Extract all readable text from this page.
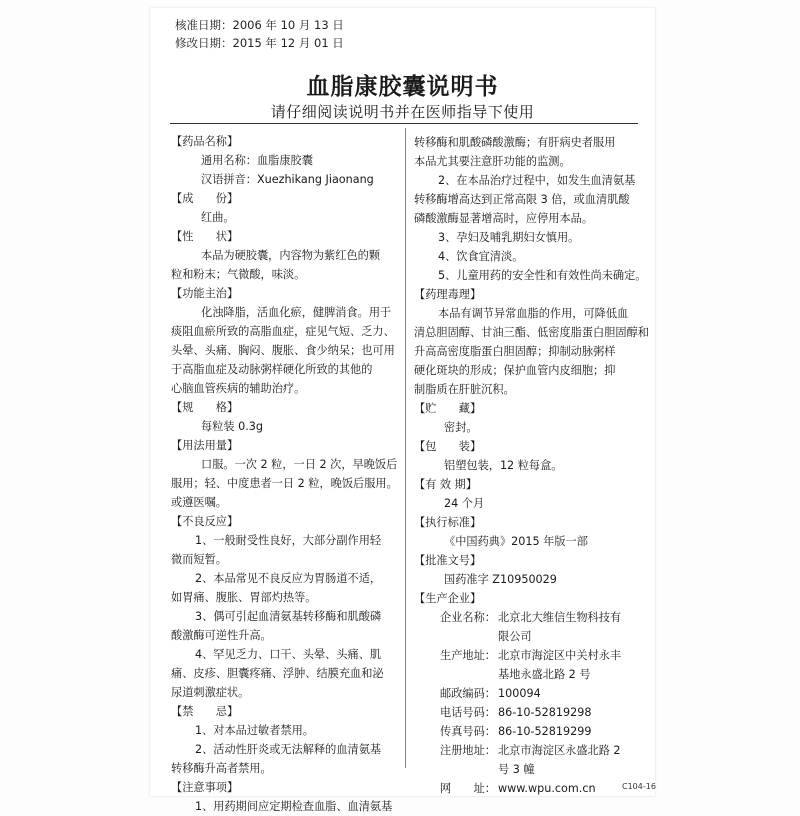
核准日期：2006 年 10 月 13 日
修改日期：2015 年 12 月 01 日
血脂康胶囊说明书
请仔细阅读说明书并在医师指导下使用

【药品名称】

通用名称：血脂康胶囊

汉语拼音：Xuezhikang Jiaonang

【成　　份】

红曲。

【性　　状】

本品为硬胶囊，内容物为紫红色的颗

粒和粉末；气微酸，味淡。

【功能主治】

化浊降脂，活血化瘀，健脾消食。用于

痰阻血瘀所致的高脂血症，症见气短、乏力、

头晕、头痛、胸闷、腹胀、食少纳呆；也可用

于高脂血症及动脉粥样硬化所致的其他的

心脑血管疾病的辅助治疗。

【规　　格】

每粒装 0.3g

【用法用量】

口服。一次 2 粒，一日 2 次，早晚饭后

服用；轻、中度患者一日 2 粒，晚饭后服用。

或遵医嘱。

【不良反应】

1、一般耐受性良好，大部分副作用轻

微而短暂。

2、本品常见不良反应为胃肠道不适，

如胃痛、腹胀、胃部灼热等。

3、偶可引起血清氨基转移酶和肌酸磷

酸激酶可逆性升高。

4、罕见乏力、口干、头晕、头痛、肌

痛、皮疹、胆囊疼痛、浮肿、结膜充血和泌

尿道刺激症状。

【禁　　忌】

1、对本品过敏者禁用。

2、活动性肝炎或无法解释的血清氨基

转移酶升高者禁用。

【注意事项】

1、用药期间应定期检查血脂、血清氨基

转移酶和肌酸磷酸激酶；有肝病史者服用

本品尤其要注意肝功能的监测。

2、在本品治疗过程中，如发生血清氨基

转移酶增高达到正常高限 3 倍，或血清肌酸

磷酸激酶显著增高时，应停用本品。

3、孕妇及哺乳期妇女慎用。

4、饮食宜清淡。

5、儿童用药的安全性和有效性尚未确定。

【药理毒理】

本品有调节异常血脂的作用，可降低血

清总胆固醇、甘油三酯、低密度脂蛋白胆固醇和

升高高密度脂蛋白胆固醇；抑制动脉粥样

硬化斑块的形成；保护血管内皮细胞；抑

制脂质在肝脏沉积。

【贮　　藏】

密封。

【包　　装】

铝塑包装，12 粒每盒。

【有 效 期】

24 个月

【执行标准】

《中国药典》2015 年版一部

【批准文号】

国药准字 Z10950029

【生产企业】

企业名称： 北京北大维信生物科技有
限公司
生产地址： 北京市海淀区中关村永丰
基地永盛北路 2 号
邮政编码： 100094
电话号码： 86-10-52819298
传真号码： 86-10-52819299
注册地址： 北京市海淀区永盛北路 2
号 3 幢
网　　址： www.wpu.com.cn	C104-16
